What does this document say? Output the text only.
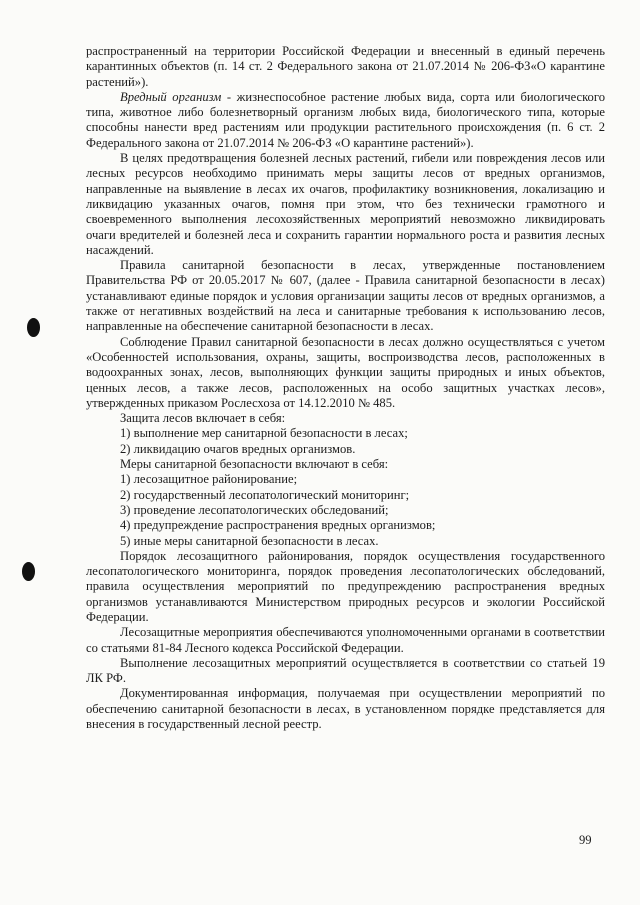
распространенный на территории Российской Федерации и внесенный в единый перечень карантинных объектов (п. 14 ст. 2 Федерального закона от 21.07.2014 № 206-ФЗ«О карантине растений»).

Вредный организм - жизнеспособное растение любых вида, сорта или биологического типа, животное либо болезнетворный организм любых вида, биологического типа, которые способны нанести вред растениям или продукции растительного происхождения (п. 6 ст. 2 Федерального закона от 21.07.2014 № 206-ФЗ «О карантине растений»).

В целях предотвращения болезней лесных растений, гибели или повреждения лесов или лесных ресурсов необходимо принимать меры защиты лесов от вредных организмов, направленные на выявление в лесах их очагов, профилактику возникновения, локализацию и ликвидацию указанных очагов, помня при этом, что без технически грамотного и своевременного выполнения лесохозяйственных мероприятий невозможно ликвидировать очаги вредителей и болезней леса и сохранить гарантии нормального роста и развития лесных насаждений.

Правила санитарной безопасности в лесах, утвержденные постановлением Правительства РФ от 20.05.2017 № 607, (далее - Правила санитарной безопасности в лесах) устанавливают единые порядок и условия организации защиты лесов от вредных организмов, а также от негативных воздействий на леса и санитарные требования к использованию лесов, направленные на обеспечение санитарной безопасности в лесах.

Соблюдение Правил санитарной безопасности в лесах должно осуществляться с учетом «Особенностей использования, охраны, защиты, воспроизводства лесов, расположенных в водоохранных зонах, лесов, выполняющих функции защиты природных и иных объектов, ценных лесов, а также лесов, расположенных на особо защитных участках лесов», утвержденных приказом Рослесхоза от 14.12.2010 № 485.

Защита лесов включает в себя:

1) выполнение мер санитарной безопасности в лесах;

2) ликвидацию очагов вредных организмов.

Меры санитарной безопасности включают в себя:

1) лесозащитное районирование;

2) государственный лесопатологический мониторинг;

3) проведение лесопатологических обследований;

4) предупреждение распространения вредных организмов;

5) иные меры санитарной безопасности в лесах.

Порядок лесозащитного районирования, порядок осуществления государственного лесопатологического мониторинга, порядок проведения лесопатологических обследований, правила осуществления мероприятий по предупреждению распространения вредных организмов устанавливаются Министерством природных ресурсов и экологии Российской Федерации.

Лесозащитные мероприятия обеспечиваются уполномоченными органами в соответствии со статьями 81-84 Лесного кодекса Российской Федерации.

Выполнение лесозащитных мероприятий осуществляется в соответствии со статьей 19 ЛК РФ.

Документированная информация, получаемая при осуществлении мероприятий по обеспечению санитарной безопасности в лесах, в установленном порядке представляется для внесения в государственный лесной реестр.

99
